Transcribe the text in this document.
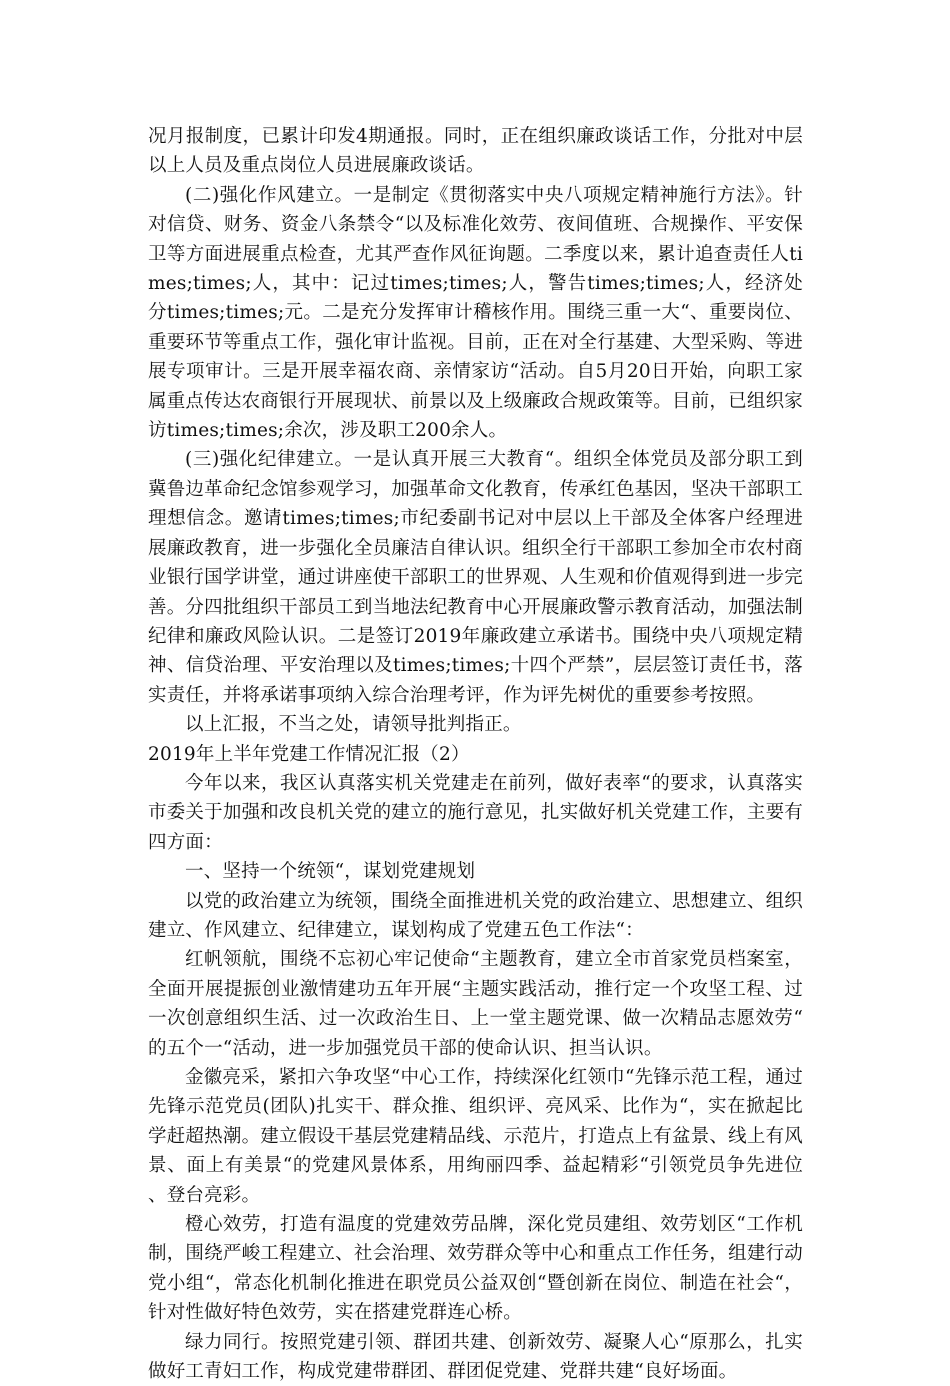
况月报制度，已累计印发4期通报。同时，正在组织廉政谈话工作，分批对中层以上人员及重点岗位人员进展廉政谈话。

(二)强化作风建立。一是制定《贯彻落实中央八项规定精神施行方法》。针对信贷、财务、资金八条禁令“以及标准化效劳、夜间值班、合规操作、平安保卫等方面进展重点检查，尤其严查作风征询题。二季度以来，累计追查责任人times;times;人，其中：记过times;times;人，警告times;times;人，经济处分times;times;元。二是充分发挥审计稽核作用。围绕三重一大“、重要岗位、重要环节等重点工作，强化审计监视。目前，正在对全行基建、大型采购、等进展专项审计。三是开展幸福农商、亲情家访“活动。自5月20日开始，向职工家属重点传达农商银行开展现状、前景以及上级廉政合规政策等。目前，已组织家访times;times;余次，涉及职工200余人。

(三)强化纪律建立。一是认真开展三大教育“。组织全体党员及部分职工到冀鲁边革命纪念馆参观学习，加强革命文化教育，传承红色基因，坚决干部职工理想信念。邀请times;times;市纪委副书记对中层以上干部及全体客户经理进展廉政教育，进一步强化全员廉洁自律认识。组织全行干部职工参加全市农村商业银行国学讲堂，通过讲座使干部职工的世界观、人生观和价值观得到进一步完善。分四批组织干部员工到当地法纪教育中心开展廉政警示教育活动，加强法制纪律和廉政风险认识。二是签订2019年廉政建立承诺书。围绕中央八项规定精神、信贷治理、平安治理以及times;times;十四个严禁”，层层签订责任书，落实责任，并将承诺事项纳入综合治理考评，作为评先树优的重要参考按照。

以上汇报，不当之处，请领导批判指正。

2019年上半年党建工作情况汇报（2）

今年以来，我区认真落实机关党建走在前列，做好表率“的要求，认真落实市委关于加强和改良机关党的建立的施行意见，扎实做好机关党建工作，主要有四方面：

一、坚持一个统领“，谋划党建规划

以党的政治建立为统领，围绕全面推进机关党的政治建立、思想建立、组织建立、作风建立、纪律建立，谋划构成了党建五色工作法“：

红帆领航，围绕不忘初心牢记使命“主题教育，建立全市首家党员档案室，全面开展提振创业激情建功五年开展“主题实践活动，推行定一个攻坚工程、过一次创意组织生活、过一次政治生日、上一堂主题党课、做一次精品志愿效劳“的五个一“活动，进一步加强党员干部的使命认识、担当认识。

金徽亮采，紧扣六争攻坚“中心工作，持续深化红领巾“先锋示范工程，通过先锋示范党员(团队)扎实干、群众推、组织评、亮风采、比作为“，实在掀起比学赶超热潮。建立假设干基层党建精品线、示范片，打造点上有盆景、线上有风景、面上有美景“的党建风景体系，用绚丽四季、益起精彩“引领党员争先进位、登台亮彩。

橙心效劳，打造有温度的党建效劳品牌，深化党员建组、效劳划区“工作机制，围绕严峻工程建立、社会治理、效劳群众等中心和重点工作任务，组建行动党小组“，常态化机制化推进在职党员公益双创“暨创新在岗位、制造在社会“，针对性做好特色效劳，实在搭建党群连心桥。

绿力同行。按照党建引领、群团共建、创新效劳、凝聚人心“原那么，扎实做好工青妇工作，构成党建带群团、群团促党建、党群共建“良好场面。
